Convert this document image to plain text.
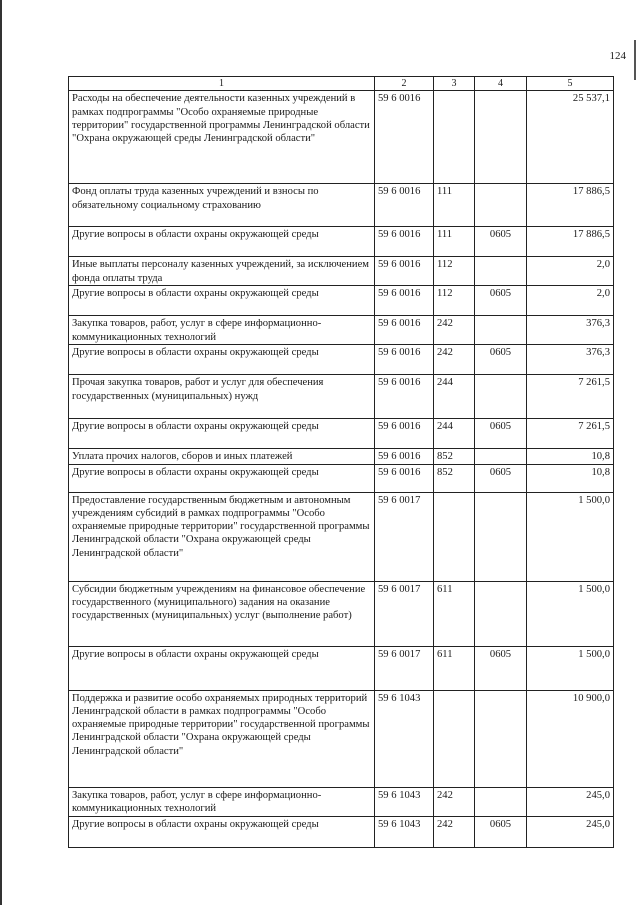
124
1	2	3	4	5
Расходы на обеспечение деятельности казенных учреждений в рамках подпрограммы "Особо охраняемые природные территории" государственной программы Ленинградской области "Охрана окружающей среды Ленинградской области"	59 6 0016			25 537,1
Фонд оплаты труда казенных учреждений и взносы по обязательному социальному страхованию	59 6 0016	111		17 886,5
Другие вопросы в области охраны окружающей среды	59 6 0016	111	0605	17 886,5
Иные выплаты персоналу казенных учреждений, за исключением фонда оплаты труда	59 6 0016	112		2,0
Другие вопросы в области охраны окружающей среды	59 6 0016	112	0605	2,0
Закупка товаров, работ, услуг в сфере информационно-коммуникационных технологий	59 6 0016	242		376,3
Другие вопросы в области охраны окружающей среды	59 6 0016	242	0605	376,3
Прочая закупка товаров, работ и услуг для обеспечения государственных (муниципальных) нужд	59 6 0016	244		7 261,5
Другие вопросы в области охраны окружающей среды	59 6 0016	244	0605	7 261,5
Уплата прочих налогов, сборов и иных платежей	59 6 0016	852		10,8
Другие вопросы в области охраны окружающей среды	59 6 0016	852	0605	10,8
Предоставление государственным бюджетным и автономным учреждениям субсидий в рамках подпрограммы "Особо охраняемые природные территории" государственной программы Ленинградской области "Охрана окружающей среды Ленинградской области"	59 6 0017			1 500,0
Субсидии бюджетным учреждениям на финансовое обеспечение государственного (муниципального) задания на оказание государственных (муниципальных) услуг (выполнение работ)	59 6 0017	611		1 500,0
Другие вопросы в области охраны окружающей среды	59 6 0017	611	0605	1 500,0
Поддержка и развитие особо охраняемых природных территорий Ленинградской области в рамках подпрограммы "Особо охраняемые природные территории" государственной программы Ленинградской области "Охрана окружающей среды Ленинградской области"	59 6 1043			10 900,0
Закупка товаров, работ, услуг в сфере информационно-коммуникационных технологий	59 6 1043	242		245,0
Другие вопросы в области охраны окружающей среды	59 6 1043	242	0605	245,0
